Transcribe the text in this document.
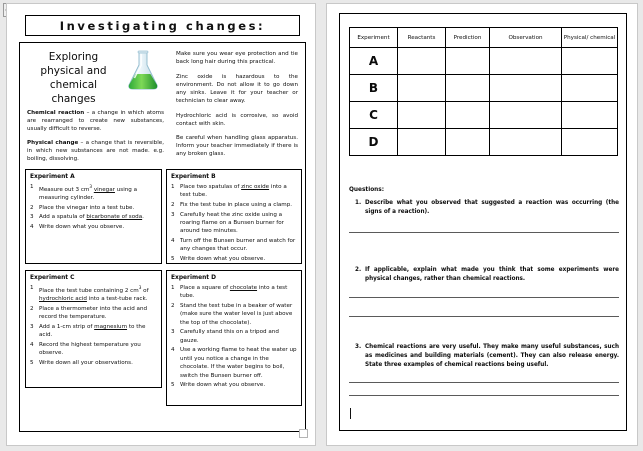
Investigating changes:
Exploring physical and chemical changes

Chemical reaction – a change in which atoms are rearranged to create new substances, usually difficult to reverse.

Physical change – a change that is reversible, in which new substances are not made. e.g. boiling, dissolving.

Make sure you wear eye protection and tie back long hair during this practical.

Zinc oxide is hazardous to the environment. Do not allow it to go down any sinks. Leave it for your teacher or technician to clear away.

Hydrochloric acid is corrosive, so avoid contact with skin.

Be careful when handling glass apparatus. Inform your teacher immediately if there is any broken glass.

Experiment A
Measure out 3 $cm^3$ vinegar using a measuring cylinder.
Place the vinegar into a test tube.
Add a spatula of bicarbonate of soda.
Write down what you observe.
Experiment B
Place two spatulas of zinc oxide into a test tube.
Fix the test tube in place using a clamp.
Carefully heat the zinc oxide using a roaring flame on a Bunsen burner for around two minutes.
Turn off the Bunsen burner and watch for any changes that occur.
Write down what you observe.
Experiment C
Place the test tube containing 2 $cm^3$ of hydrochloric acid into a test-tube rack.
Place a thermometer into the acid and record the temperature.
Add a 1-cm strip of magnesium to the acid.
Record the highest temperature you observe.
Write down all your observations.
Experiment D
Place a square of chocolate into a test tube.
Stand the test tube in a beaker of water (make sure the water level is just above the top of the chocolate).
Carefully stand this on a tripod and gauze.
Use a working flame to heat the water up until you notice a change in the chocolate. If the water begins to boil, switch the Bunsen burner off.
Write down what you observe.
Experiment	Reactants	Prediction	Observation	Physical/ chemical
A				
B				
C				
D				
Questions:
1. Describe what you observed that suggested a reaction was occurring (the signs of a reaction).
2. If applicable, explain what made you think that some experiments were physical changes, rather than chemical reactions.
3. Chemical reactions are very useful. They make many useful substances, such as medicines and building materials (cement). They can also release energy. State three examples of chemical reactions being useful.
